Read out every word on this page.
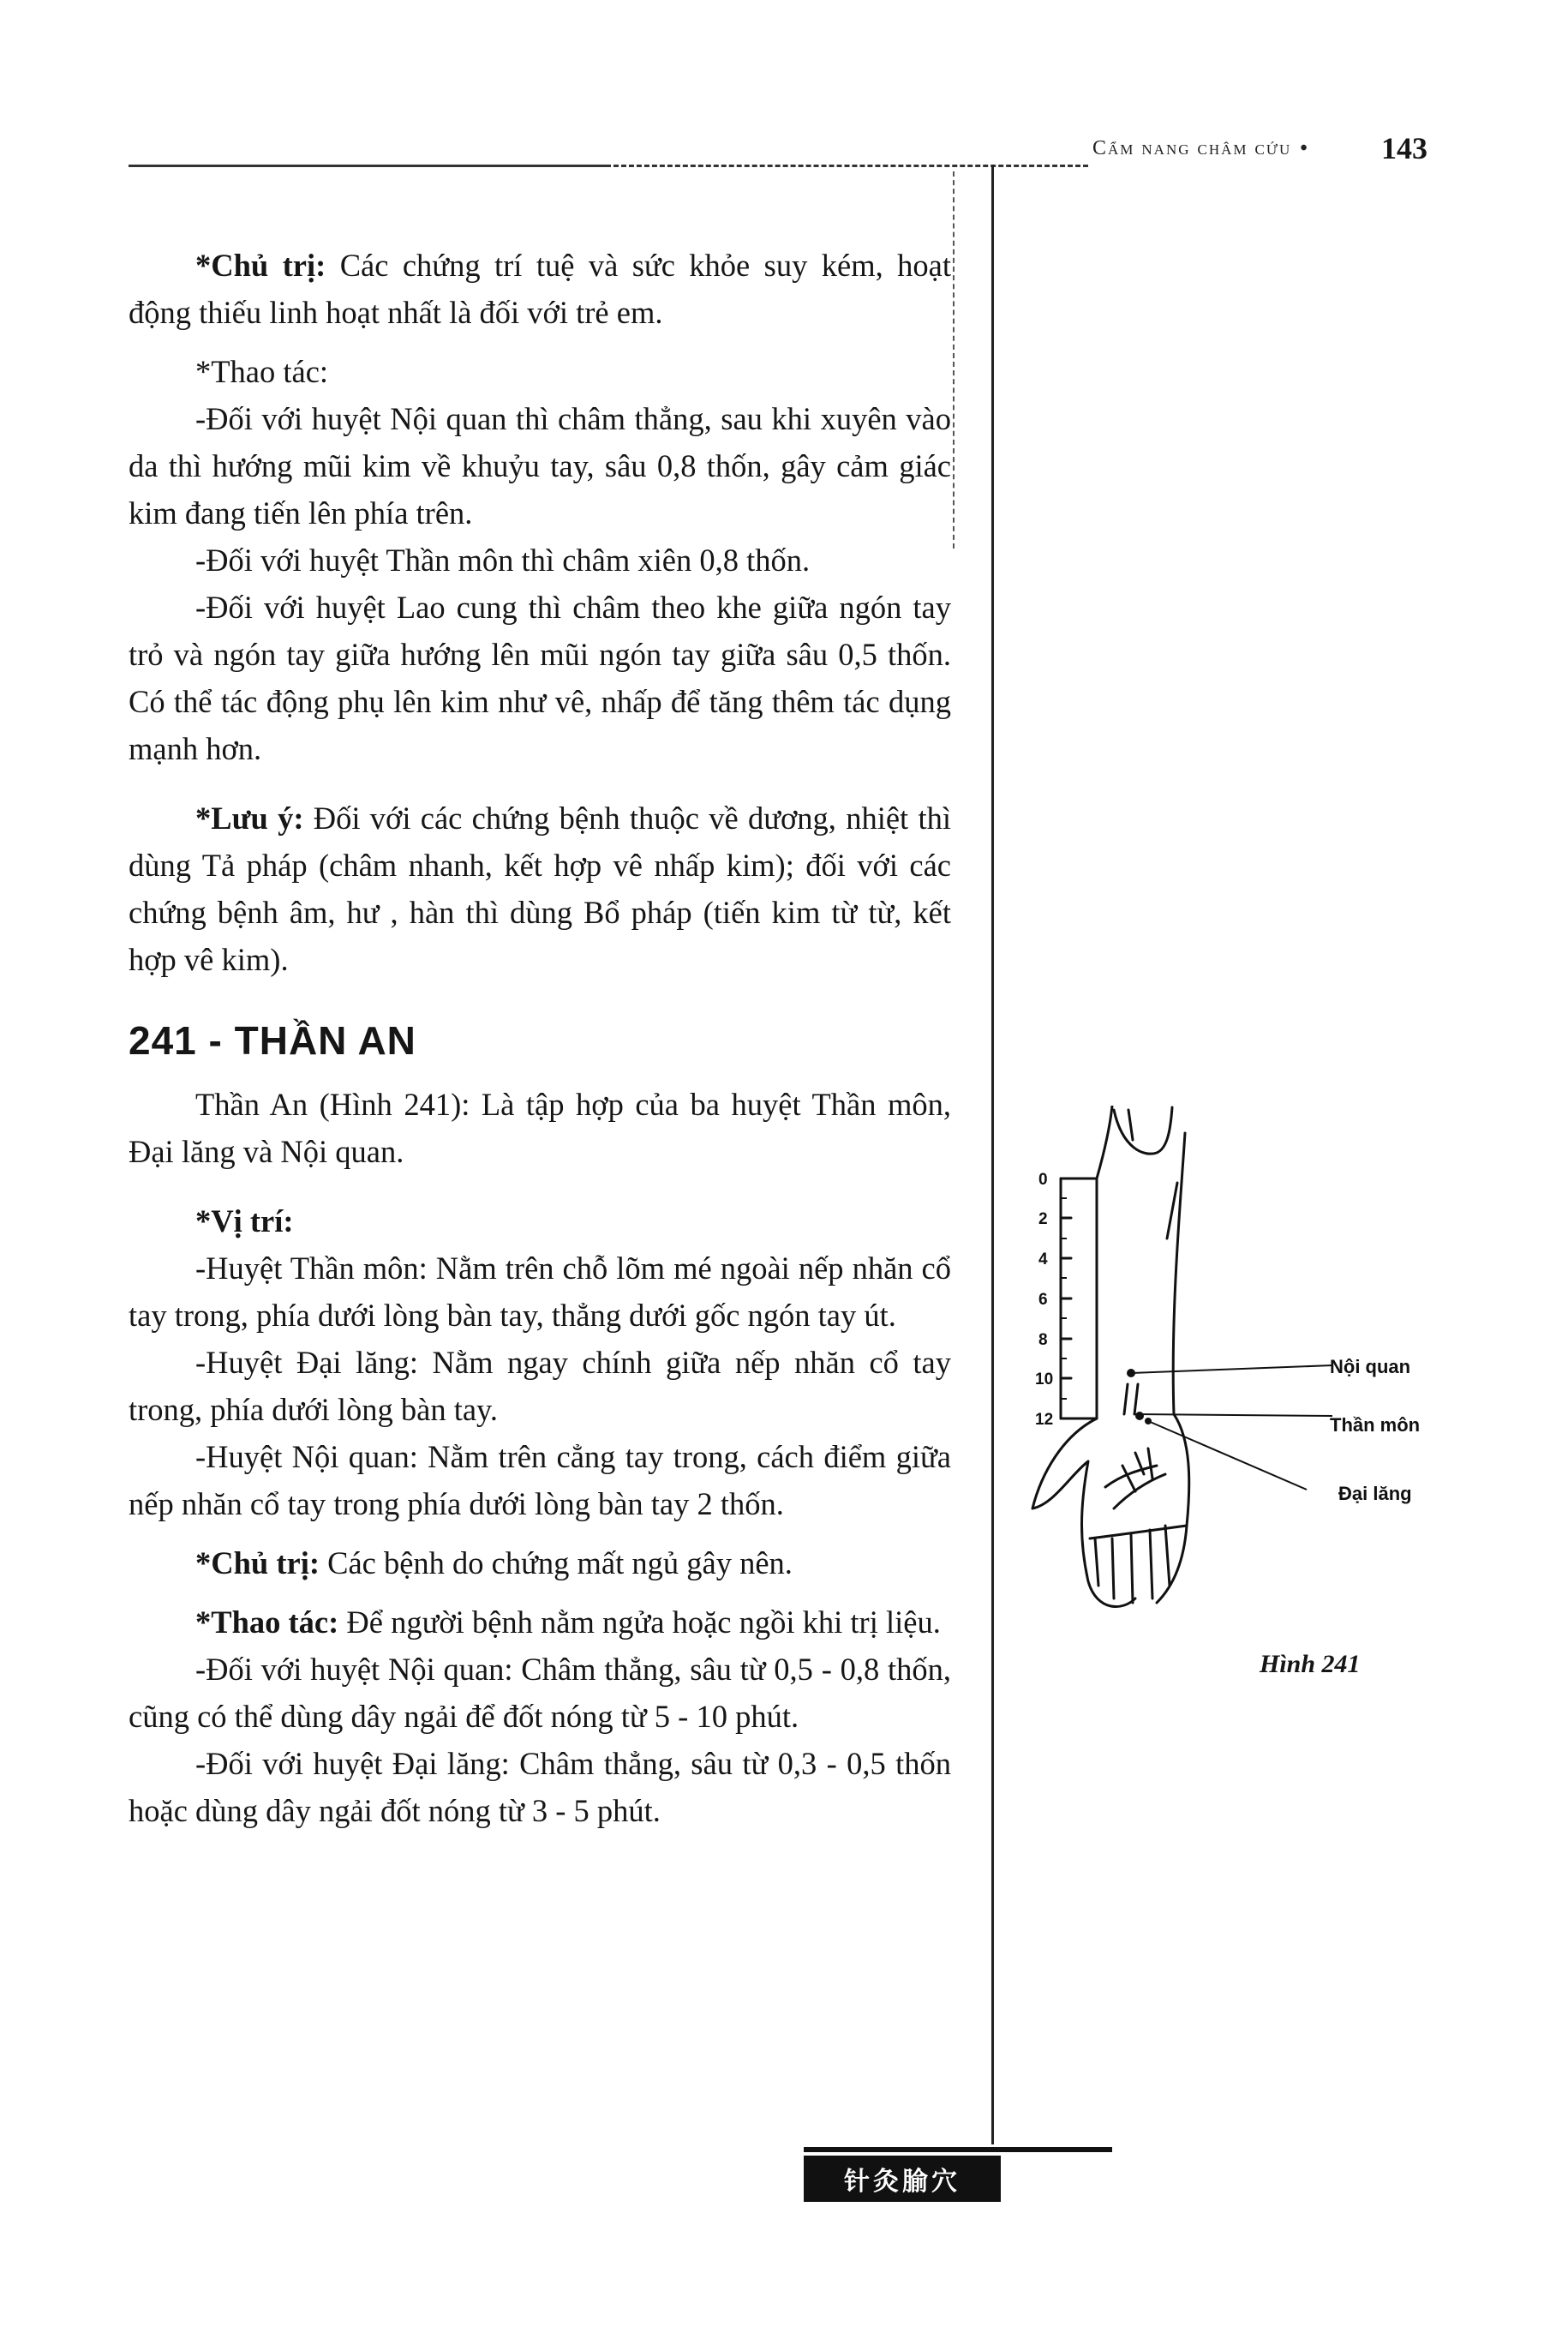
Cẩm nang châm cứu • 143

*Chủ trị: Các chứng trí tuệ và sức khỏe suy kém, hoạt động thiếu linh hoạt nhất là đối với trẻ em.

*Thao tác:

-Đối với huyệt Nội quan thì châm thẳng, sau khi xuyên vào da thì hướng mũi kim về khuỷu tay, sâu 0,8 thốn, gây cảm giác kim đang tiến lên phía trên.

-Đối với huyệt Thần môn thì châm xiên 0,8 thốn.

-Đối với huyệt Lao cung thì châm theo khe giữa ngón tay trỏ và ngón tay giữa hướng lên mũi ngón tay giữa sâu 0,5 thốn. Có thể tác động phụ lên kim như vê, nhấp để tăng thêm tác dụng mạnh hơn.

*Lưu ý: Đối với các chứng bệnh thuộc về dương, nhiệt thì dùng Tả pháp (châm nhanh, kết hợp vê nhấp kim); đối với các chứng bệnh âm, hư , hàn thì dùng Bổ pháp (tiến kim từ từ, kết hợp vê kim).

241 - THẦN AN

Thần An (Hình 241): Là tập hợp của ba huyệt Thần môn, Đại lăng và Nội quan.

*Vị trí:

-Huyệt Thần môn: Nằm trên chỗ lõm mé ngoài nếp nhăn cổ tay trong, phía dưới lòng bàn tay, thẳng dưới gốc ngón tay út.

-Huyệt Đại lăng: Nằm ngay chính giữa nếp nhăn cổ tay trong, phía dưới lòng bàn tay.

-Huyệt Nội quan: Nằm trên cẳng tay trong, cách điểm giữa nếp nhăn cổ tay trong phía dưới lòng bàn tay 2 thốn.

*Chủ trị: Các bệnh do chứng mất ngủ gây nên.

*Thao tác: Để người bệnh nằm ngửa hoặc ngồi khi trị liệu.

-Đối với huyệt Nội quan: Châm thẳng, sâu từ 0,5 - 0,8 thốn, cũng có thể dùng dây ngải để đốt nóng từ 5 - 10 phút.

-Đối với huyệt Đại lăng: Châm thẳng, sâu từ 0,3 - 0,5 thốn hoặc dùng dây ngải đốt nóng từ 3 - 5 phút.

0
2
4
6
8
10
12
Nội quan
Thần môn
Đại lăng
Hình 241
针灸腧穴
